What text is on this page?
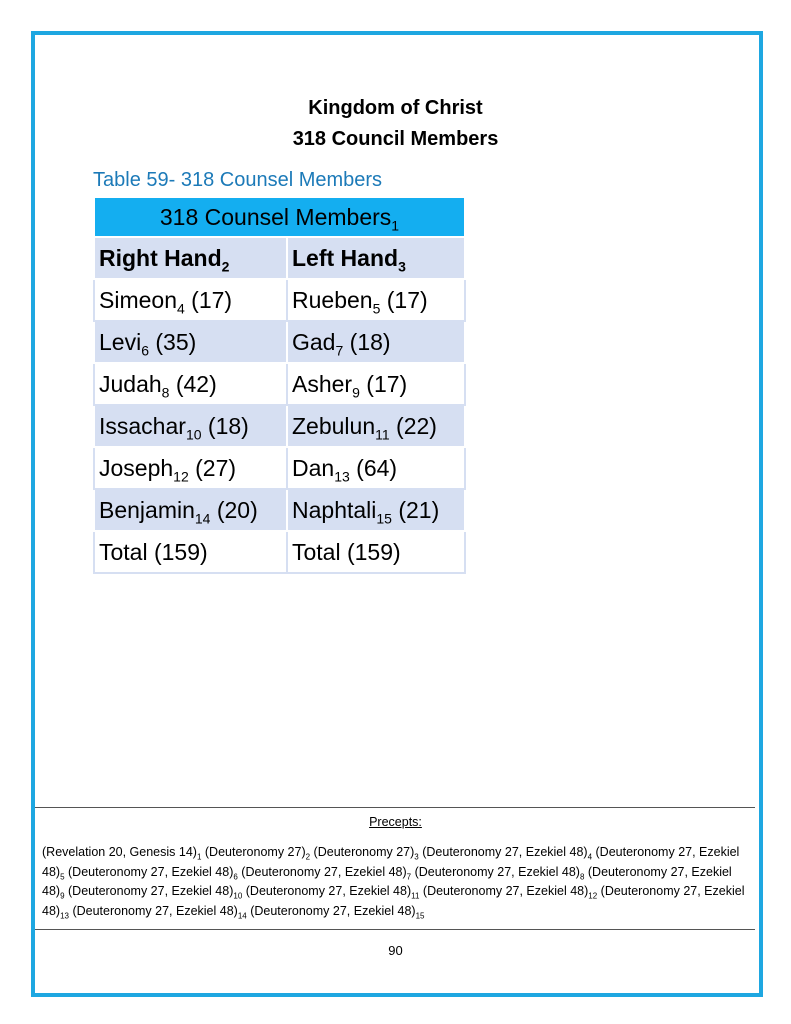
Kingdom of Christ
318 Council Members
Table 59- 318 Counsel Members
318 Counsel Members$_1$
Right Hand$_2$	Left Hand$_3$
Simeon$_4$ (17)	Rueben$_5$ (17)
Levi$_6$ (35)	Gad$_7$ (18)
Judah$_8$ (42)	Asher$_9$ (17)
Issachar$_{10}$ (18)	Zebulun$_{11}$ (22)
Joseph$_{12}$ (27)	Dan$_{13}$ (64)
Benjamin$_{14}$ (20)	Naphtali$_{15}$ (21)
Total (159)	Total (159)
Precepts:
(Revelation 20, Genesis $14)_1$ (Deuteronomy $27)_2$ (Deuteronomy $27)_3$ (Deuteronomy 27, Ezekiel $48)_4$ (Deuteronomy 27, Ezekiel $48)_5$ (Deuteronomy 27, Ezekiel $48)_6$ (Deuteronomy 27, Ezekiel $48)_7$ (Deuteronomy 27, Ezekiel $48)_8$ (Deuteronomy 27, Ezekiel $48)_9$ (Deuteronomy 27, Ezekiel $48)_{10}$ (Deuteronomy 27, Ezekiel $48)_{11}$ (Deuteronomy 27, Ezekiel $48)_{12}$ (Deuteronomy 27, Ezekiel $48)_{13}$ (Deuteronomy 27, Ezekiel $48)_{14}$ (Deuteronomy 27, Ezekiel $48)_{15}$
90
